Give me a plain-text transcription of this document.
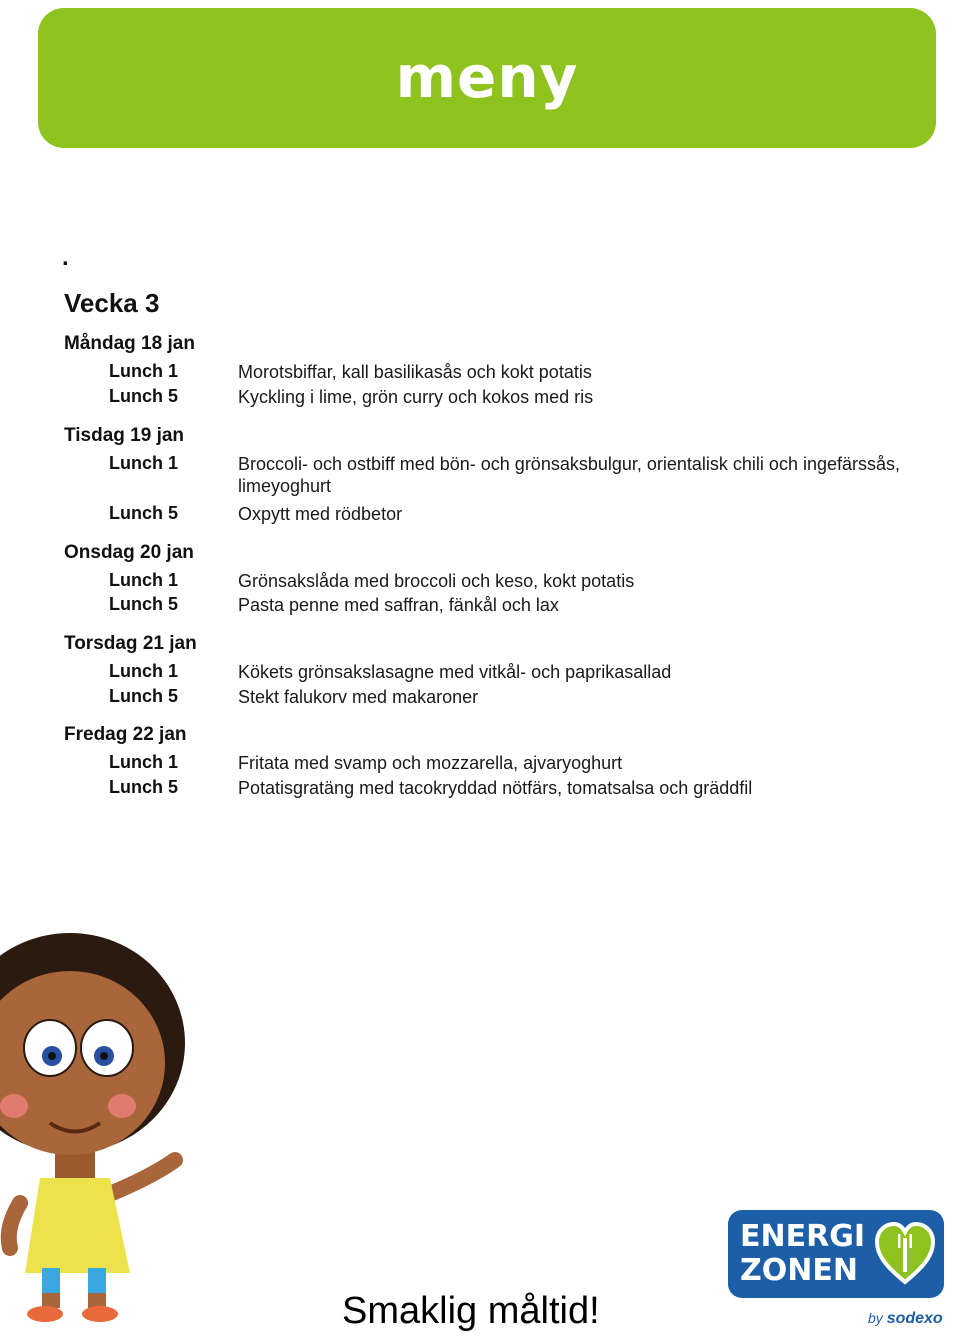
meny
.
Vecka 3
Måndag 18 jan
Lunch 1	Morotsbiffar, kall basilikasås och kokt potatis
Lunch 5	Kyckling i lime, grön curry och kokos med ris
Tisdag 19 jan
Lunch 1	Broccoli- och ostbiff med bön- och grönsaksbulgur, orientalisk chili och ingefärssås, limeyoghurt
Lunch 5	Oxpytt med rödbetor
Onsdag 20 jan
Lunch 1	Grönsakslåda med broccoli och keso, kokt potatis
Lunch 5	Pasta penne med saffran, fänkål och lax
Torsdag 21 jan
Lunch 1	Kökets grönsakslasagne med vitkål- och paprikasallad
Lunch 5	Stekt falukorv med makaroner
Fredag 22 jan
Lunch 1	Fritata med svamp och mozzarella, ajvaryoghurt
Lunch 5	Potatisgratäng med tacokryddad nötfärs, tomatsalsa och gräddfil
ENERGI
ZONEN
by sodexo
Smaklig måltid!
